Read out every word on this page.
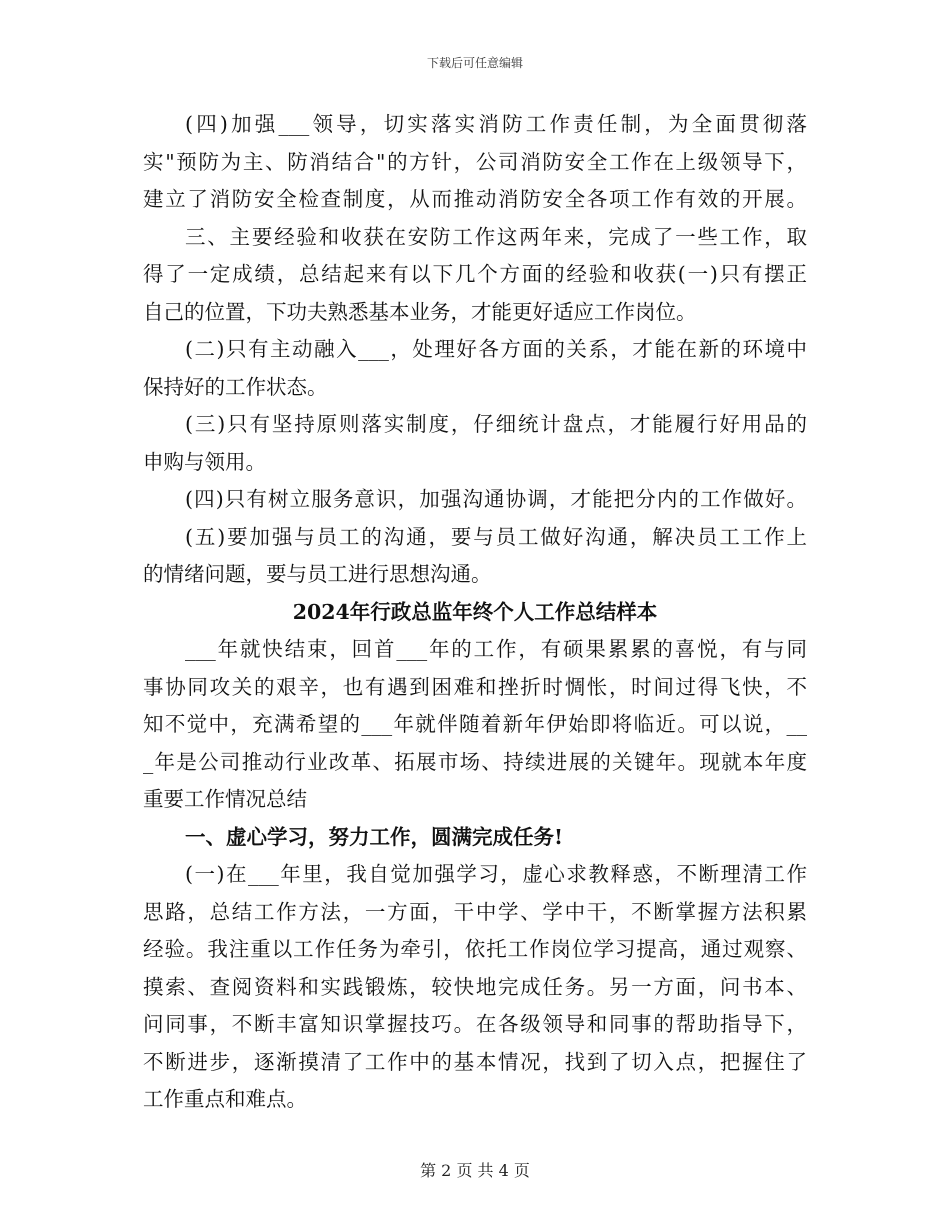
下载后可任意编辑
(四)加强___领导，切实落实消防工作责任制，为全面贯彻落
实"预防为主、防消结合"的方针，公司消防安全工作在上级领导下，
建立了消防安全检查制度，从而推动消防安全各项工作有效的开展。
三、主要经验和收获在安防工作这两年来，完成了一些工作，取
得了一定成绩，总结起来有以下几个方面的经验和收获(一)只有摆正
自己的位置，下功夫熟悉基本业务，才能更好适应工作岗位。
(二)只有主动融入___，处理好各方面的关系，才能在新的环境中
保持好的工作状态。
(三)只有坚持原则落实制度，仔细统计盘点，才能履行好用品的
申购与领用。
(四)只有树立服务意识，加强沟通协调，才能把分内的工作做好。
(五)要加强与员工的沟通，要与员工做好沟通，解决员工工作上
的情绪问题，要与员工进行思想沟通。
2024年行政总监年终个人工作总结样本
___年就快结束，回首___年的工作，有硕果累累的喜悦，有与同
事协同攻关的艰辛，也有遇到困难和挫折时惆怅，时间过得飞快，不
知不觉中，充满希望的___年就伴随着新年伊始即将临近。可以说，__
_年是公司推动行业改革、拓展市场、持续进展的关键年。现就本年度
重要工作情况总结
一、虚心学习，努力工作，圆满完成任务!
(一)在___年里，我自觉加强学习，虚心求教释惑，不断理清工作
思路，总结工作方法，一方面，干中学、学中干，不断掌握方法积累
经验。我注重以工作任务为牵引，依托工作岗位学习提高，通过观察、
摸索、查阅资料和实践锻炼，较快地完成任务。另一方面，问书本、
问同事，不断丰富知识掌握技巧。在各级领导和同事的帮助指导下，
不断进步，逐渐摸清了工作中的基本情况，找到了切入点，把握住了
工作重点和难点。
第 2 页 共 4 页
